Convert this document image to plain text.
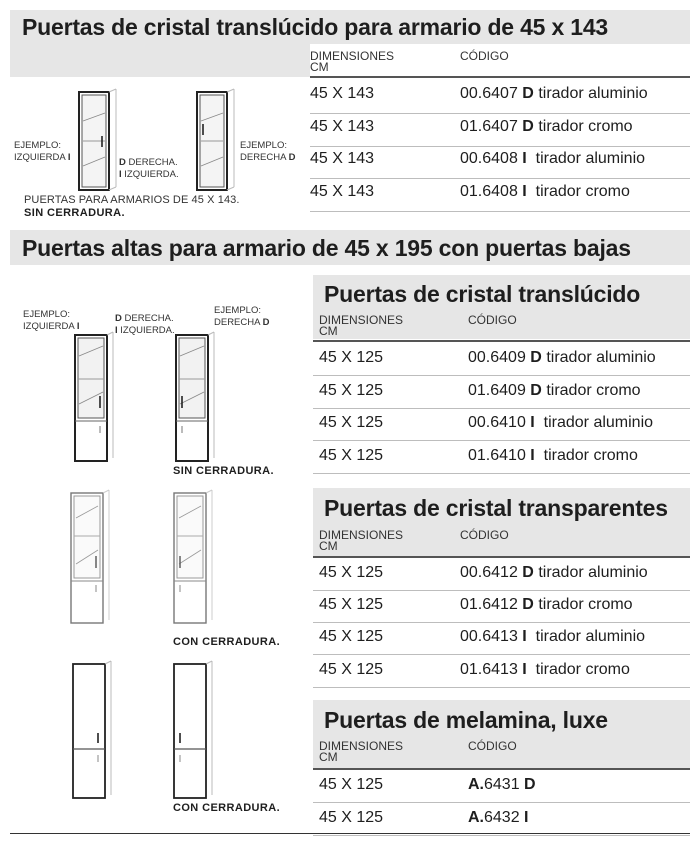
Puertas de cristal translúcido para armario de 45 x 143
DIMENSIONES
CM
CÓDIGO
45 X 143	00.6407 D tirador aluminio
45 X 143	01.6407 D tirador cromo
45 X 143	00.6408 I tirador aluminio
45 X 143	01.6408 I tirador cromo
EJEMPLO:
IZQUIERDA I	D DERECHA.
I IZQUIERDA.
EJEMPLO:
DERECHA D
PUERTAS PARA ARMARIOS DE 45 X 143.
SIN CERRADURA.
Puertas altas para armario de 45 x 195 con puertas bajas
Puertas de cristal translúcido
DIMENSIONES
CM
CÓDIGO
45 X 125	00.6409 D tirador aluminio
45 X 125	01.6409 D tirador cromo
45 X 125	00.6410 I tirador aluminio
45 X 125	01.6410 I tirador cromo
Puertas de cristal transparentes
DIMENSIONES
CM
CÓDIGO
45 X 125	00.6412 D tirador aluminio
45 X 125	01.6412 D tirador cromo
45 X 125	00.6413 I tirador aluminio
45 X 125	01.6413 I tirador cromo
Puertas de melamina, luxe
DIMENSIONES
CM
CÓDIGO
45 X 125	A.6431 D
45 X 125	A.6432 I
EJEMPLO:
IZQUIERDA I
D DERECHA.
I IZQUIERDA.
EJEMPLO:
DERECHA D
SIN CERRADURA.
CON CERRADURA.
CON CERRADURA.
